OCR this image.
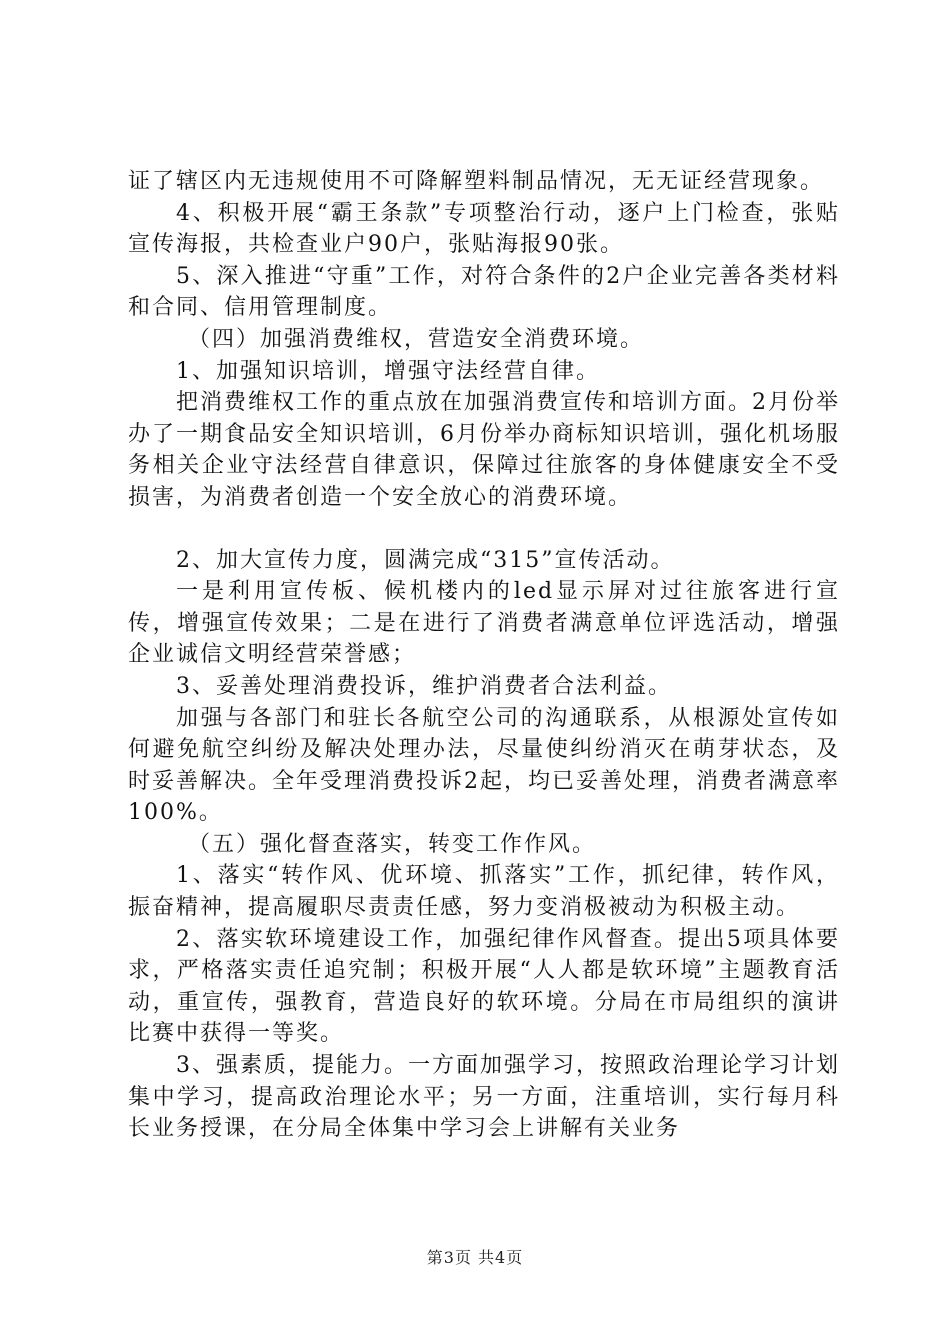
证了辖区内无违规使用不可降解塑料制品情况，无无证经营现象。

4、积极开展“霸王条款”专项整治行动，逐户上门检查，张贴宣传海报，共检查业户90户，张贴海报90张。

5、深入推进“守重”工作，对符合条件的2户企业完善各类材料和合同、信用管理制度。

（四）加强消费维权，营造安全消费环境。

1、加强知识培训，增强守法经营自律。

把消费维权工作的重点放在加强消费宣传和培训方面。2月份举办了一期食品安全知识培训，6月份举办商标知识培训，强化机场服务相关企业守法经营自律意识，保障过往旅客的身体健康安全不受损害，为消费者创造一个安全放心的消费环境。

2、加大宣传力度，圆满完成“315”宣传活动。

一是利用宣传板、候机楼内的led显示屏对过往旅客进行宣传，增强宣传效果；二是在进行了消费者满意单位评选活动，增强企业诚信文明经营荣誉感；

3、妥善处理消费投诉，维护消费者合法利益。

加强与各部门和驻长各航空公司的沟通联系，从根源处宣传如何避免航空纠纷及解决处理办法，尽量使纠纷消灭在萌芽状态，及时妥善解决。全年受理消费投诉2起，均已妥善处理，消费者满意率100%。

（五）强化督查落实，转变工作作风。

1、落实“转作风、优环境、抓落实”工作，抓纪律，转作风，振奋精神，提高履职尽责责任感，努力变消极被动为积极主动。

2、落实软环境建设工作，加强纪律作风督查。提出5项具体要求，严格落实责任追究制；积极开展“人人都是软环境”主题教育活动，重宣传，强教育，营造良好的软环境。分局在市局组织的演讲比赛中获得一等奖。

3、强素质，提能力。一方面加强学习，按照政治理论学习计划集中学习，提高政治理论水平；另一方面，注重培训，实行每月科长业务授课，在分局全体集中学习会上讲解有关业务

第3页 共4页
